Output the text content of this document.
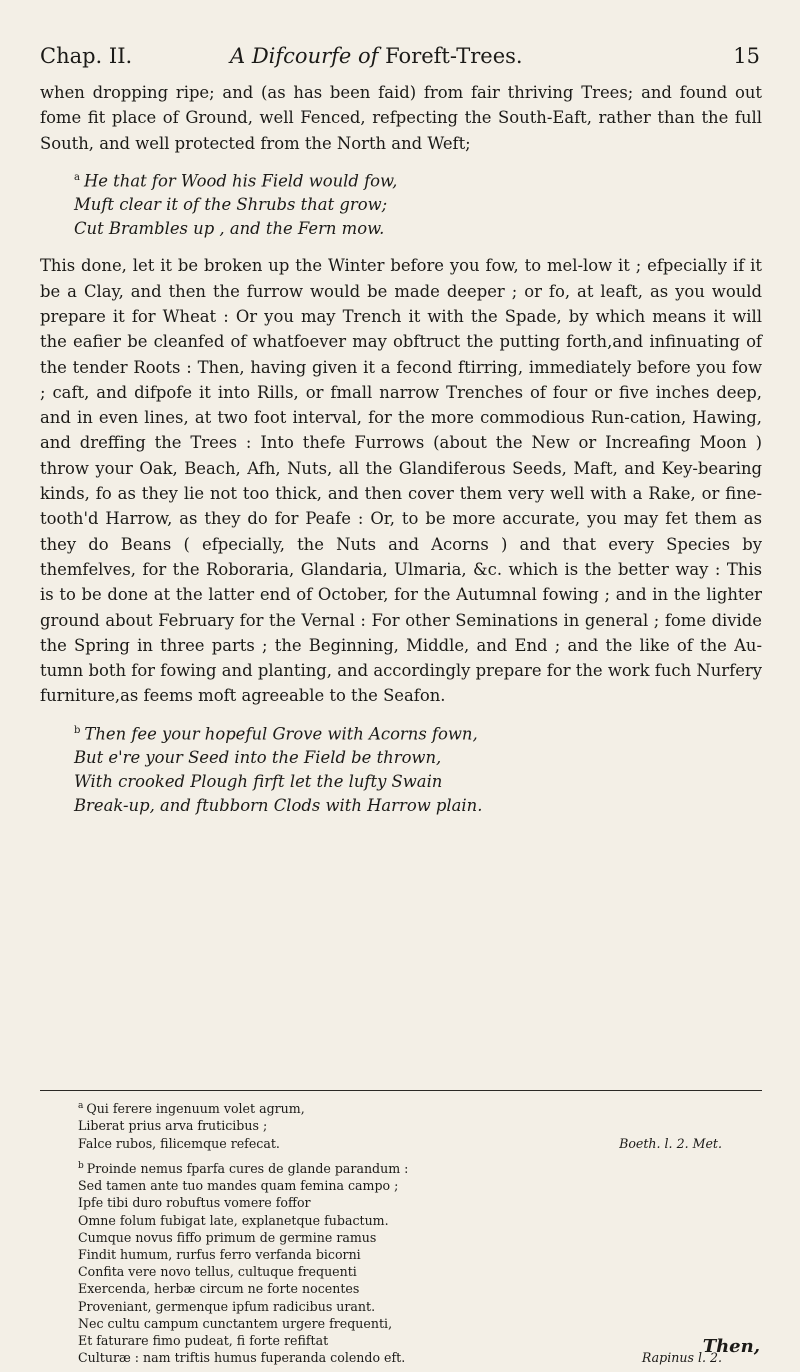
Chap. II.	A Difcourfe of Foreft-Trees.	15

when dropping ripe; and (as has been faid) from fair thriving Trees; and found out fome fit place of Ground, well Fenced, refpecting the South-Eaft, rather than the full South, and well protected from the North and Weft;

$^a$ He that for Wood his Field would fow,
Muft clear it of the Shrubs that grow;
Cut Brambles up , and the Fern mow.

This done, let it be broken up the Winter before you fow, to mel-low it ; efpecially if it be a Clay, and then the furrow would be made deeper ; or fo, at leaft, as you would prepare it for Wheat : Or you may Trench it with the Spade, by which means it will the eafier be cleanfed of whatfoever may obftruct the putting forth,and infinuating of the tender Roots : Then, having given it a fecond ftirring, immediately before you fow ; caft, and difpofe it into Rills, or fmall narrow Trenches of four or five inches deep, and in even lines, at two foot interval, for the more commodious Run-cation, Hawing, and dreffing the Trees : Into thefe Furrows (about the New or Increafing Moon ) throw your Oak, Beach, Afh, Nuts, all the Glandiferous Seeds, Maft, and Key-bearing kinds, fo as they lie not too thick, and then cover them very well with a Rake, or fine-tooth'd Harrow, as they do for Peafe : Or, to be more accurate, you may fet them as they do Beans ( efpecially, the Nuts and Acorns ) and that every Species by themfelves, for the Roboraria, Glandaria, Ulmaria, &c. which is the better way : This is to be done at the latter end of October, for the Autumnal fowing ; and in the lighter ground about February for the Vernal : For other Seminations in general ; fome divide the Spring in three parts ; the Beginning, Middle, and End ; and the like of the Au-tumn both for fowing and planting, and accordingly prepare for the work fuch Nurfery furniture,as feems moft agreeable to the Seafon.

$^b$ Then fee your hopeful Grove with Acorns fown,
But e're your Seed into the Field be thrown,
With crooked Plough firft let the lufty Swain
Break-up, and ftubborn Clods with Harrow plain.
$^a$ Qui ferere ingenuum volet agrum,
Liberat prius arva fruticibus ;
Falce rubos, filicemque refecat.	Boeth. l. 2. Met.
$^b$ Proinde nemus fparfa cures de glande parandum :
Sed tamen ante tuo mandes quam femina campo ;
Ipfe tibi duro robuftus vomere foffor
Omne folum fubigat late, explanetque fubactum.
Cumque novus fiffo primum de germine ramus
Findit humum, rurfus ferro verfanda bicorni
Confita vere novo tellus, cultuque frequenti
Exercenda, herbæ circum ne forte nocentes
Proveniant, germenque ipfum radicibus urant.
Nec cultu campum cunctantem urgere frequenti,
Et faturare fimo pudeat, fi forte refiftat
Culturæ : nam triftis humus fuperanda colendo eft.	Rapinus l. 2.
Then,
